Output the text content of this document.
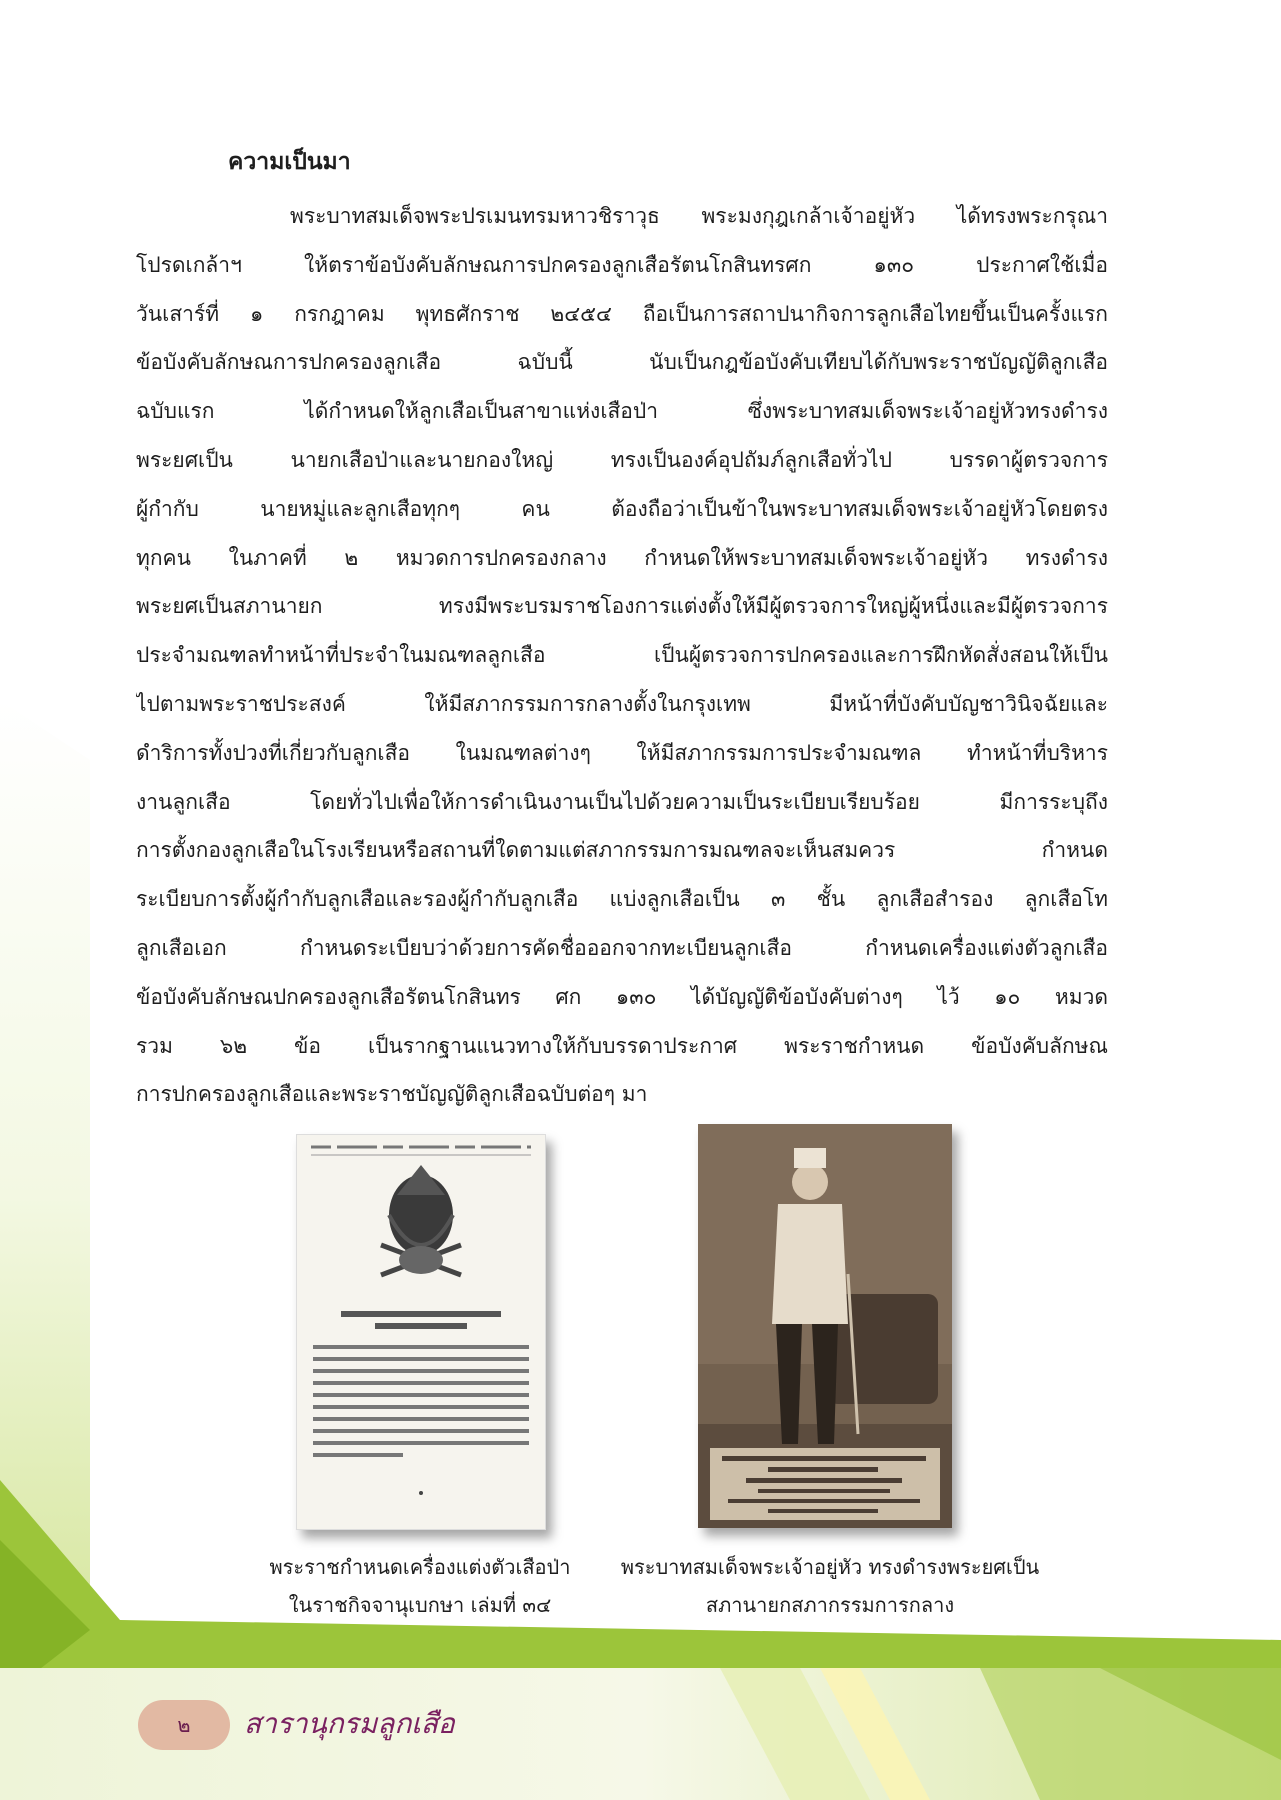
ความเป็นมา
พระบาทสมเด็จพระปรเมนทรมหาวชิราวุธ พระมงกุฎเกล้าเจ้าอยู่หัว ได้ทรงพระกรุณา
โปรดเกล้าฯ ให้ตราข้อบังคับลักษณการปกครองลูกเสือรัตนโกสินทรศก ๑๓๐ ประกาศใช้เมื่อ
วันเสาร์ที่ ๑ กรกฎาคม พุทธศักราช ๒๔๕๔ ถือเป็นการสถาปนากิจการลูกเสือไทยขึ้นเป็นครั้งแรก
ข้อบังคับลักษณการปกครองลูกเสือ ฉบับนี้ นับเป็นกฎข้อบังคับเทียบได้กับพระราชบัญญัติลูกเสือ
ฉบับแรก ได้กำหนดให้ลูกเสือเป็นสาขาแห่งเสือป่า ซึ่งพระบาทสมเด็จพระเจ้าอยู่หัวทรงดำรง
พระยศเป็น นายกเสือป่าและนายกองใหญ่ ทรงเป็นองค์อุปถัมภ์ลูกเสือทั่วไป บรรดาผู้ตรวจการ
ผู้กำกับ นายหมู่และลูกเสือทุกๆ คน ต้องถือว่าเป็นข้าในพระบาทสมเด็จพระเจ้าอยู่หัวโดยตรง
ทุกคน ในภาคที่ ๒ หมวดการปกครองกลาง กำหนดให้พระบาทสมเด็จพระเจ้าอยู่หัว ทรงดำรง
พระยศเป็นสภานายก ทรงมีพระบรมราชโองการแต่งตั้งให้มีผู้ตรวจการใหญ่ผู้หนึ่งและมีผู้ตรวจการ
ประจำมณฑลทำหน้าที่ประจำในมณฑลลูกเสือ เป็นผู้ตรวจการปกครองและการฝึกหัดสั่งสอนให้เป็น
ไปตามพระราชประสงค์ ให้มีสภากรรมการกลางตั้งในกรุงเทพ มีหน้าที่บังคับบัญชาวินิจฉัยและ
ดำริการทั้งปวงที่เกี่ยวกับลูกเสือ ในมณฑลต่างๆ ให้มีสภากรรมการประจำมณฑล ทำหน้าที่บริหาร
งานลูกเสือ โดยทั่วไปเพื่อให้การดำเนินงานเป็นไปด้วยความเป็นระเบียบเรียบร้อย มีการระบุถึง
การตั้งกองลูกเสือในโรงเรียนหรือสถานที่ใดตามแต่สภากรรมการมณฑลจะเห็นสมควร กำหนด
ระเบียบการตั้งผู้กำกับลูกเสือและรองผู้กำกับลูกเสือ แบ่งลูกเสือเป็น ๓ ชั้น ลูกเสือสำรอง ลูกเสือโท
ลูกเสือเอก กำหนดระเบียบว่าด้วยการคัดชื่อออกจากทะเบียนลูกเสือ กำหนดเครื่องแต่งตัวลูกเสือ
ข้อบังคับลักษณปกครองลูกเสือรัตนโกสินทร ศก ๑๓๐ ได้บัญญัติข้อบังคับต่างๆ ไว้ ๑๐ หมวด
รวม ๖๒ ข้อ เป็นรากฐานแนวทางให้กับบรรดาประกาศ พระราชกำหนด ข้อบังคับลักษณ
การปกครองลูกเสือและพระราชบัญญัติลูกเสือฉบับต่อๆ มา
พระราชกำหนดเครื่องแต่งตัวเสือป่า
ในราชกิจจานุเบกษา เล่มที่ ๓๔
พระบาทสมเด็จพระเจ้าอยู่หัว ทรงดำรงพระยศเป็น
สภานายกสภากรรมการกลาง
๒	สารานุกรมลูกเสือ
